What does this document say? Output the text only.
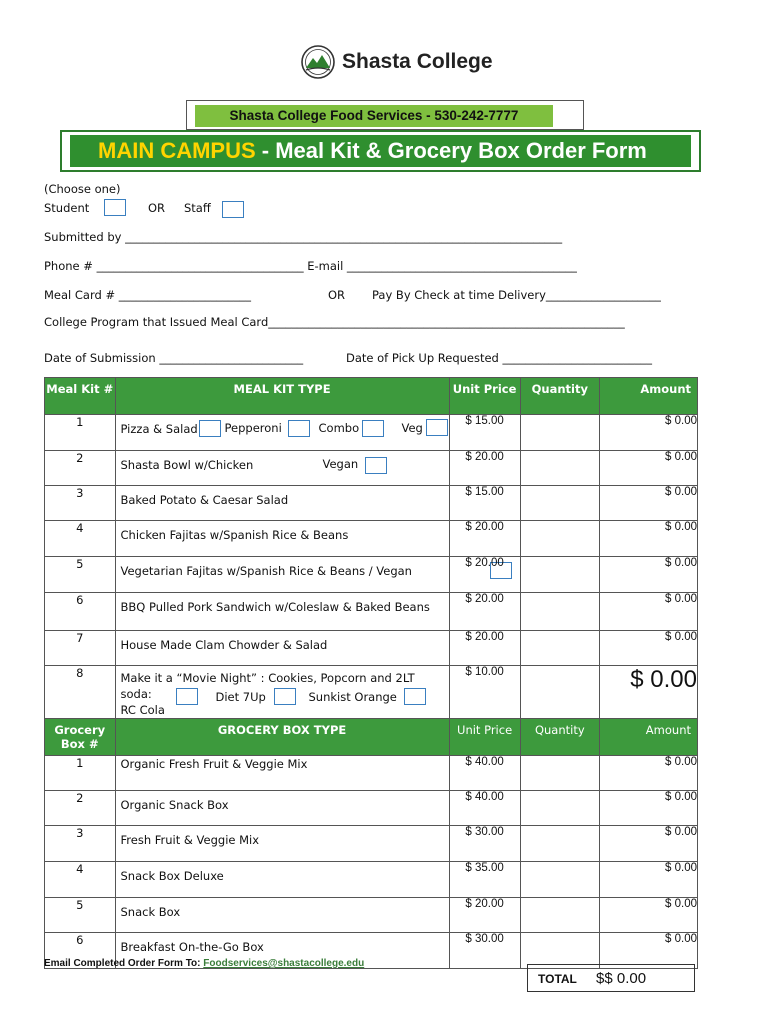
Shasta College
Shasta College Food Services - 530-242-7777
MAIN CAMPUS - Meal Kit & Grocery Box Order Form
(Choose one)
Student	OR Staff
Submitted by ____________________________________________________________________________
Phone # ____________________________________ E-mail ________________________________________
Meal Card # _______________________	OR Pay By Check at time Delivery____________________
College Program that Issued Meal Card______________________________________________________________
Date of Submission _________________________	Date of Pick Up Requested __________________________
Meal Kit #	MEAL KIT TYPE	Unit Price	Quantity	Amount
1	Pizza & Salad Pepperoni Combo Veg	$ 15.00		$ 0.00
2	Shasta Bowl w/Chicken Vegan	$ 20.00		$ 0.00
3	Baked Potato & Caesar Salad	$ 15.00		$ 0.00
4	Chicken Fajitas w/Spanish Rice & Beans	$ 20.00		$ 0.00
5	Vegetarian Fajitas w/Spanish Rice & Beans / Vegan	$ 20.00		$ 0.00
6	BBQ Pulled Pork Sandwich w/Coleslaw & Baked Beans	$ 20.00		$ 0.00
7	House Made Clam Chowder & Salad	$ 20.00		$ 0.00
8	Make it a “Movie Night” : Cookies, Popcorn and 2LT soda:
RC Cola
Diet 7Up Sunkist Orange	$ 10.00		$ 0.00
Grocery Box #	GROCERY BOX TYPE	Unit Price	Quantity	Amount
1	Organic Fresh Fruit & Veggie Mix	$ 40.00		$ 0.00
2	Organic Snack Box	$ 40.00		$ 0.00
3	Fresh Fruit & Veggie Mix	$ 30.00		$ 0.00
4	Snack Box Deluxe	$ 35.00		$ 0.00
5	Snack Box	$ 20.00		$ 0.00
6	Breakfast On-the-Go Box	$ 30.00		$ 0.00
Email Completed Order Form To: Foodservices@shastacollege.edu
TOTAL $$ 0.00
